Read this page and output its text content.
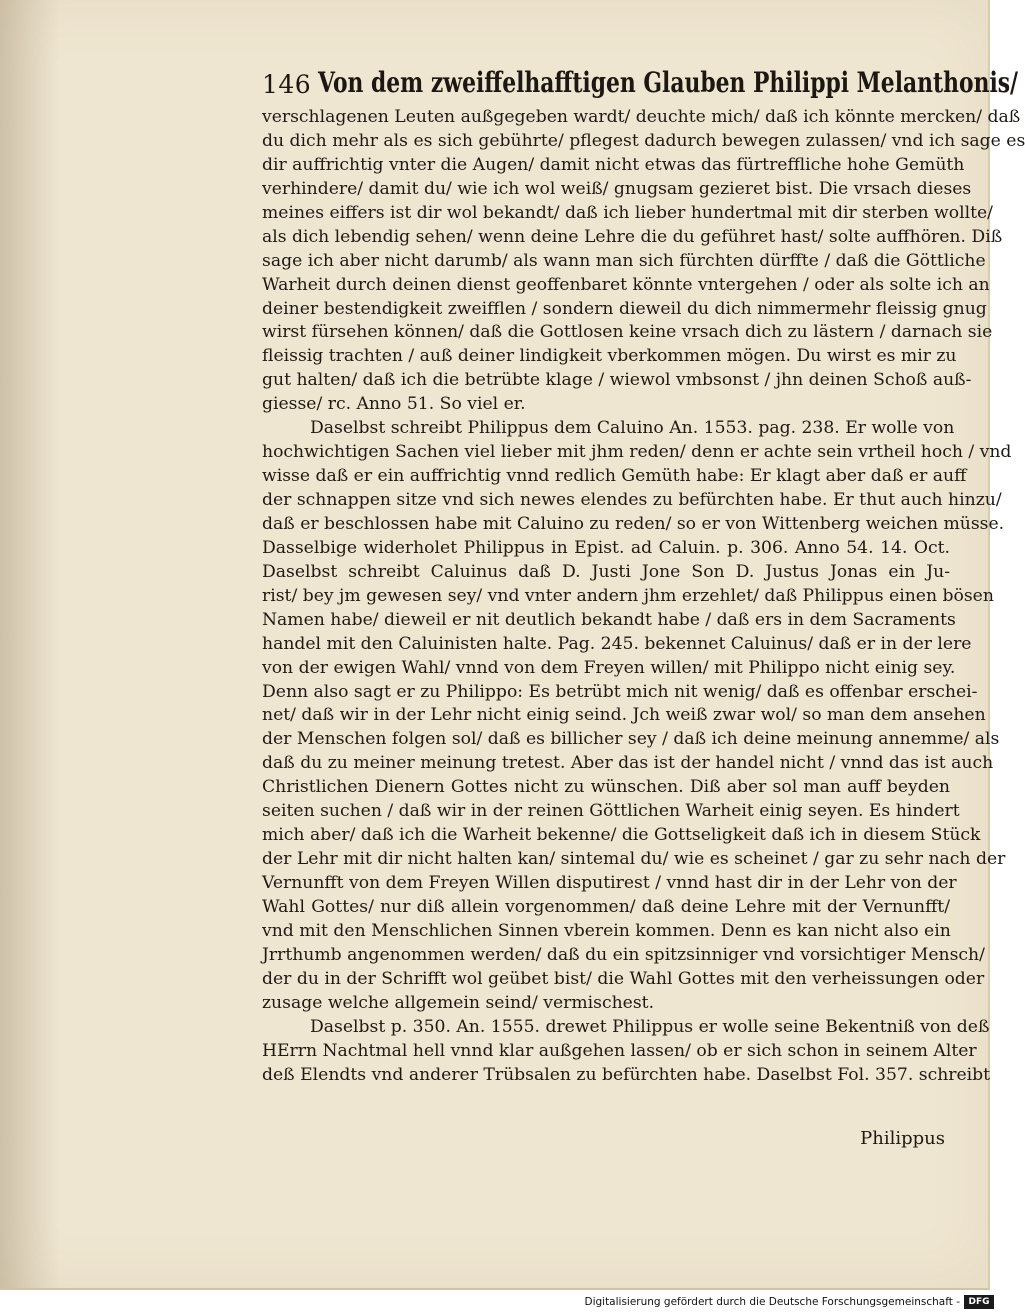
146 Von dem zweiffelhafftigen Glauben Philippi Melanthonis/
verschlagenen Leuten außgegeben wardt/ deuchte mich/ daß ich könnte mercken/ daß
du dich mehr als es sich gebührte/ pflegest dadurch bewegen zulassen/ vnd ich sage es
dir auffrichtig vnter die Augen/ damit nicht etwas das fürtreffliche hohe Gemüth
verhindere/ damit du/ wie ich wol weiß/ gnugsam gezieret bist. Die vrsach dieses
meines eiffers ist dir wol bekandt/ daß ich lieber hundertmal mit dir sterben wollte/
als dich lebendig sehen/ wenn deine Lehre die du geführet hast/ solte auffhören. Diß
sage ich aber nicht darumb/ als wann man sich fürchten dürffte / daß die Göttliche
Warheit durch deinen dienst geoffenbaret könnte vntergehen / oder als solte ich an
deiner bestendigkeit zweifflen / sondern dieweil du dich nimmermehr fleissig gnug
wirst fürsehen können/ daß die Gottlosen keine vrsach dich zu lästern / darnach sie
fleissig trachten / auß deiner lindigkeit vberkommen mögen. Du wirst es mir zu
gut halten/ daß ich die betrübte klage / wiewol vmbsonst / jhn deinen Schoß auß-
giesse/ rc. Anno 51. So viel er.
Daselbst schreibt Philippus dem Caluino An. 1553. pag. 238. Er wolle von
hochwichtigen Sachen viel lieber mit jhm reden/ denn er achte sein vrtheil hoch / vnd
wisse daß er ein auffrichtig vnnd redlich Gemüth habe: Er klagt aber daß er auff
der schnappen sitze vnd sich newes elendes zu befürchten habe. Er thut auch hinzu/
daß er beschlossen habe mit Caluino zu reden/ so er von Wittenberg weichen müsse.
Dasselbige widerholet Philippus in Epist. ad Caluin. p. 306. Anno 54. 14. Oct.
Daselbst schreibt Caluinus daß D. Justi Jone Son D. Justus Jonas ein Ju-
rist/ bey jm gewesen sey/ vnd vnter andern jhm erzehlet/ daß Philippus einen bösen
Namen habe/ dieweil er nit deutlich bekandt habe / daß ers in dem Sacraments
handel mit den Caluinisten halte. Pag. 245. bekennet Caluinus/ daß er in der lere
von der ewigen Wahl/ vnnd von dem Freyen willen/ mit Philippo nicht einig sey.
Denn also sagt er zu Philippo: Es betrübt mich nit wenig/ daß es offenbar erschei-
net/ daß wir in der Lehr nicht einig seind. Jch weiß zwar wol/ so man dem ansehen
der Menschen folgen sol/ daß es billicher sey / daß ich deine meinung annemme/ als
daß du zu meiner meinung tretest. Aber das ist der handel nicht / vnnd das ist auch
Christlichen Dienern Gottes nicht zu wünschen. Diß aber sol man auff beyden
seiten suchen / daß wir in der reinen Göttlichen Warheit einig seyen. Es hindert
mich aber/ daß ich die Warheit bekenne/ die Gottseligkeit daß ich in diesem Stück
der Lehr mit dir nicht halten kan/ sintemal du/ wie es scheinet / gar zu sehr nach der
Vernunfft von dem Freyen Willen disputirest / vnnd hast dir in der Lehr von der
Wahl Gottes/ nur diß allein vorgenommen/ daß deine Lehre mit der Vernunfft/
vnd mit den Menschlichen Sinnen vberein kommen. Denn es kan nicht also ein
Jrrthumb angenommen werden/ daß du ein spitzsinniger vnd vorsichtiger Mensch/
der du in der Schrifft wol geübet bist/ die Wahl Gottes mit den verheissungen oder
zusage welche allgemein seind/ vermischest.
Daselbst p. 350. An. 1555. drewet Philippus er wolle seine Bekentniß von deß
HErrn Nachtmal hell vnnd klar außgehen lassen/ ob er sich schon in seinem Alter
deß Elendts vnd anderer Trübsalen zu befürchten habe. Daselbst Fol. 357. schreibt
Philippus
Digitalisierung gefördert durch die Deutsche Forschungsgemeinschaft - DFG
